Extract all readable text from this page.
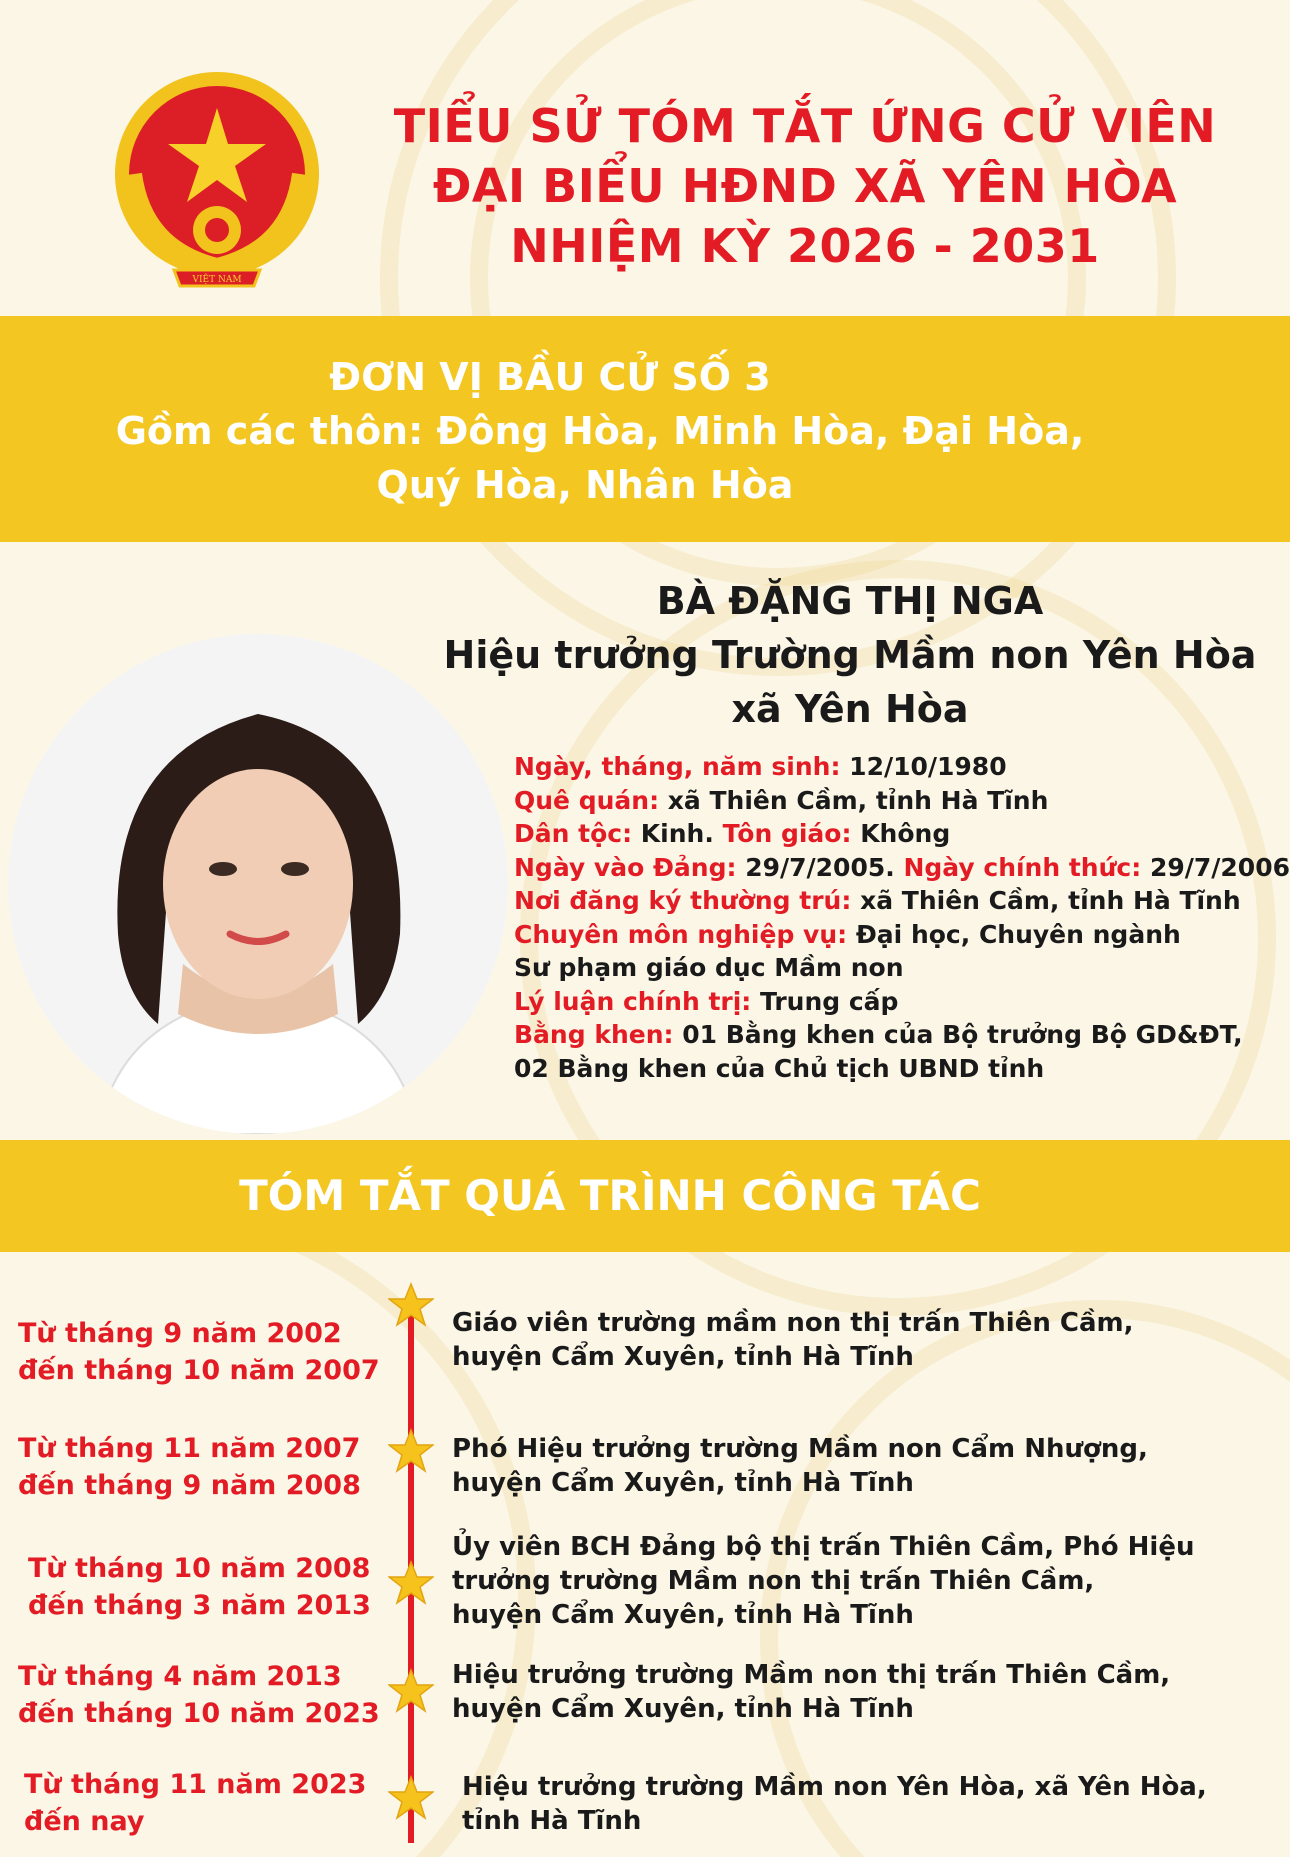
VIỆT NAM
TIỂU SỬ TÓM TẮT ỨNG CỬ VIÊN
ĐẠI BIỂU HĐND XÃ YÊN HÒA
NHIỆM KỲ 2026 - 2031
ĐƠN VỊ BẦU CỬ SỐ 3
Gồm các thôn: Đông Hòa, Minh Hòa, Đại Hòa,
Quý Hòa, Nhân Hòa
BÀ ĐẶNG THỊ NGA
Hiệu trưởng Trường Mầm non Yên Hòa
xã Yên Hòa
Ngày, tháng, năm sinh: 12/10/1980
Quê quán: xã Thiên Cầm, tỉnh Hà Tĩnh
Dân tộc: Kinh. Tôn giáo: Không
Ngày vào Đảng: 29/7/2005. Ngày chính thức: 29/7/2006
Nơi đăng ký thường trú: xã Thiên Cầm, tỉnh Hà Tĩnh
Chuyên môn nghiệp vụ: Đại học, Chuyên ngành
Sư phạm giáo dục Mầm non
Lý luận chính trị: Trung cấp
Bằng khen: 01 Bằng khen của Bộ trưởng Bộ GD&ĐT,
02 Bằng khen của Chủ tịch UBND tỉnh
TÓM TẮT QUÁ TRÌNH CÔNG TÁC
Từ tháng 9 năm 2002
đến tháng 10 năm 2007
Giáo viên trường mầm non thị trấn Thiên Cầm,
huyện Cẩm Xuyên, tỉnh Hà Tĩnh
Từ tháng 11 năm 2007
đến tháng 9 năm 2008
Phó Hiệu trưởng trường Mầm non Cẩm Nhượng,
huyện Cẩm Xuyên, tỉnh Hà Tĩnh
Từ tháng 10 năm 2008
đến tháng 3 năm 2013
Ủy viên BCH Đảng bộ thị trấn Thiên Cầm, Phó Hiệu
trưởng trường Mầm non thị trấn Thiên Cầm,
huyện Cẩm Xuyên, tỉnh Hà Tĩnh
Từ tháng 4 năm 2013
đến tháng 10 năm 2023
Hiệu trưởng trường Mầm non thị trấn Thiên Cầm,
huyện Cẩm Xuyên, tỉnh Hà Tĩnh
Từ tháng 11 năm 2023
đến nay
Hiệu trưởng trường Mầm non Yên Hòa, xã Yên Hòa,
tỉnh Hà Tĩnh
